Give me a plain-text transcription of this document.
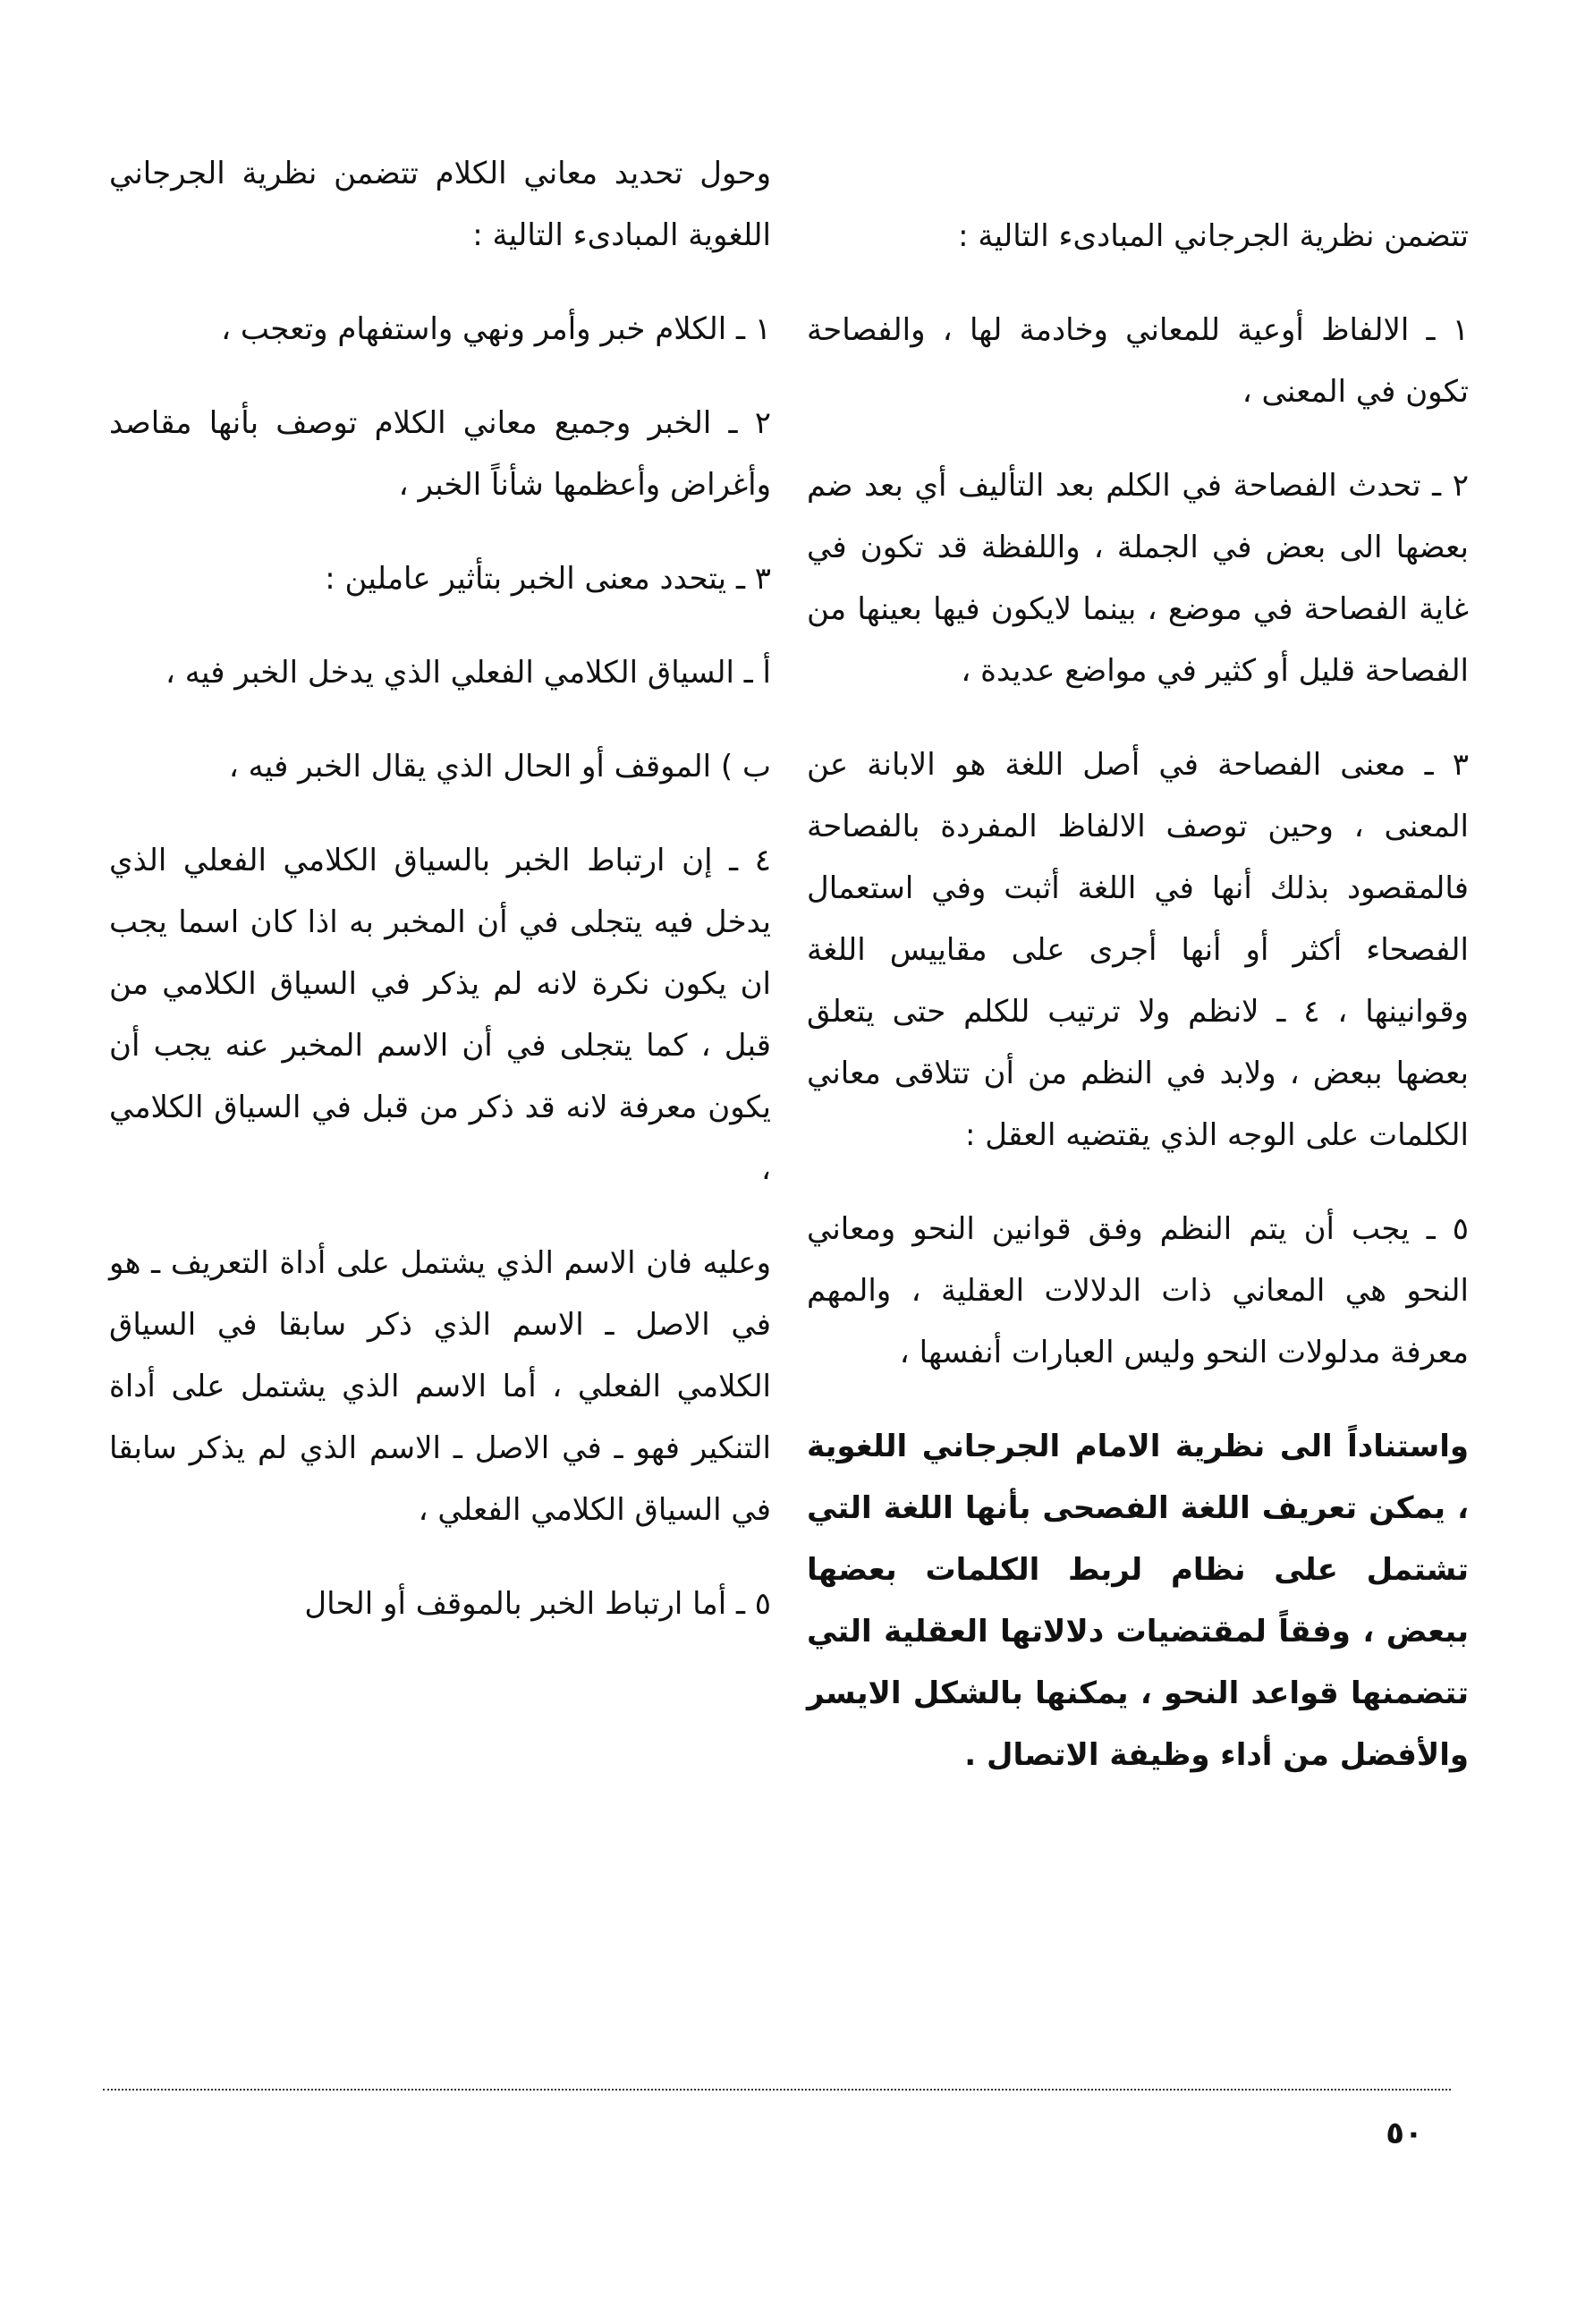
تتضمن نظرية الجرجاني المبادىء التالية :

١ ـ الالفاظ أوعية للمعاني وخادمة لها ، والفصاحة تكون في المعنى ،

٢ ـ تحدث الفصاحة في الكلم بعد التأليف أي بعد ضم بعضها الى بعض في الجملة ، واللفظة قد تكون في غاية الفصاحة في موضع ، بينما لايكون فيها بعينها من الفصاحة قليل أو كثير في مواضع عديدة ،

٣ ـ معنى الفصاحة في أصل اللغة هو الابانة عن المعنى ، وحين توصف الالفاظ المفردة بالفصاحة فالمقصود بذلك أنها في اللغة أثبت وفي استعمال الفصحاء أكثر أو أنها أجرى على مقاييس اللغة وقوانينها ، ٤ ـ لانظم ولا ترتيب للكلم حتى يتعلق بعضها ببعض ، ولابد في النظم من أن تتلاقى معاني الكلمات على الوجه الذي يقتضيه العقل :

٥ ـ يجب أن يتم النظم وفق قوانين النحو ومعاني النحو هي المعاني ذات الدلالات العقلية ، والمهم معرفة مدلولات النحو وليس العبارات أنفسها ،

واستناداً الى نظرية الامام الجرجاني اللغوية ، يمكن تعريف اللغة الفصحى بأنها اللغة التي تشتمل على نظام لربط الكلمات بعضها ببعض ، وفقاً لمقتضيات دلالاتها العقلية التي تتضمنها قواعد النحو ، يمكنها بالشكل الايسر والأفضل من أداء وظيفة الاتصال .

وحول تحديد معاني الكلام تتضمن نظرية الجرجاني اللغوية المبادىء التالية :

١ ـ الكلام خبر وأمر ونهي واستفهام وتعجب ،

٢ ـ الخبر وجميع معاني الكلام توصف بأنها مقاصد وأغراض وأعظمها شأناً الخبر ،

٣ ـ يتحدد معنى الخبر بتأثير عاملين :

أ ـ السياق الكلامي الفعلي الذي يدخل الخبر فيه ،

ب ) الموقف أو الحال الذي يقال الخبر فيه ،

٤ ـ إن ارتباط الخبر بالسياق الكلامي الفعلي الذي يدخل فيه يتجلى في أن المخبر به اذا كان اسما يجب ان يكون نكرة لانه لم يذكر في السياق الكلامي من قبل ، كما يتجلى في أن الاسم المخبر عنه يجب أن يكون معرفة لانه قد ذكر من قبل في السياق الكلامي ،

وعليه فان الاسم الذي يشتمل على أداة التعريف ـ هو في الاصل ـ الاسم الذي ذكر سابقا في السياق الكلامي الفعلي ، أما الاسم الذي يشتمل على أداة التنكير فهو ـ في الاصل ـ الاسم الذي لم يذكر سابقا في السياق الكلامي الفعلي ،

٥ ـ أما ارتباط الخبر بالموقف أو الحال

٥٠
